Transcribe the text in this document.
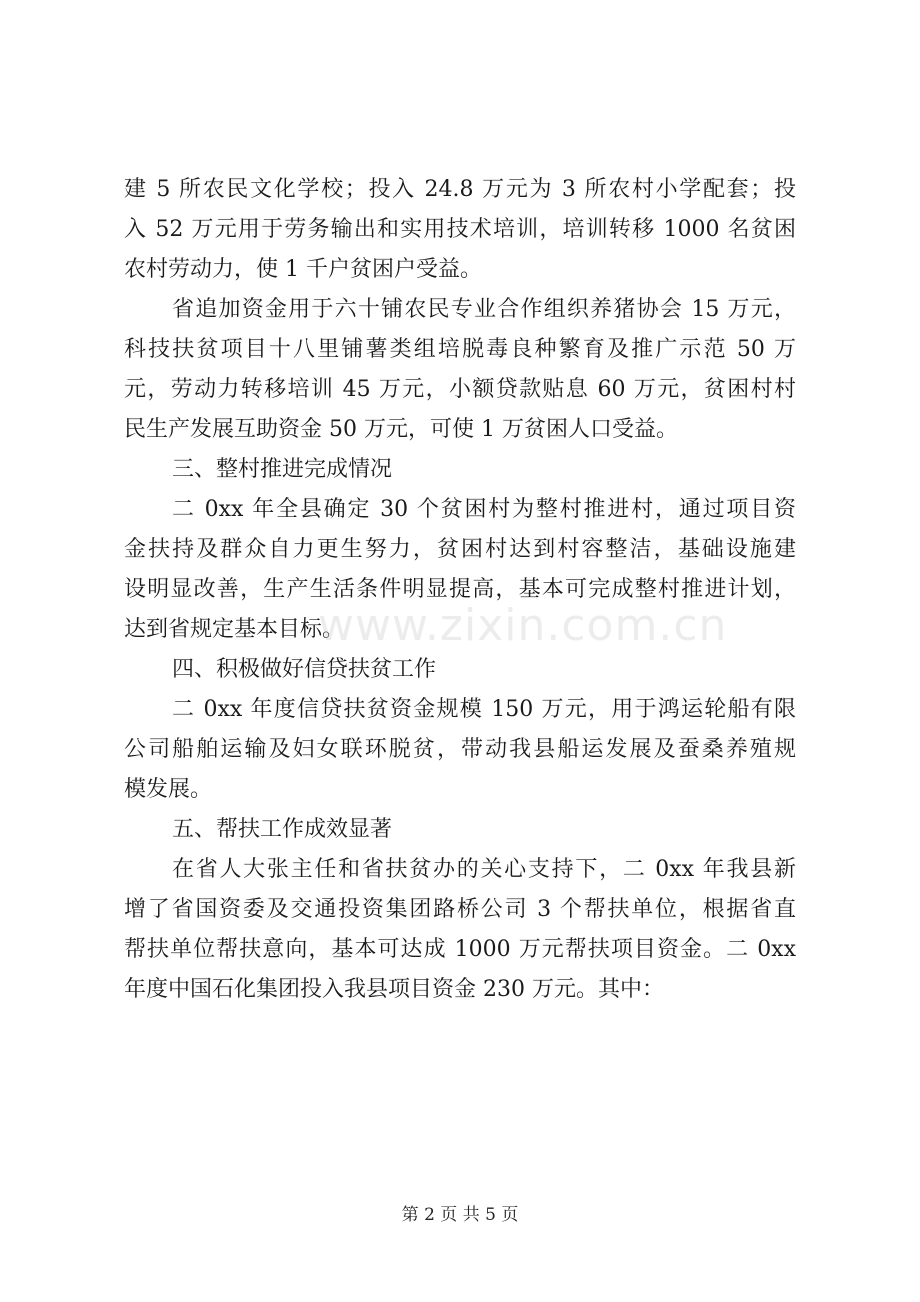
建 5 所农民文化学校；投入 24.8 万元为 3 所农村小学配套；投
入 52 万元用于劳务输出和实用技术培训，培训转移 1000 名贫困
农村劳动力，使 1 千户贫困户受益。
省追加资金用于六十铺农民专业合作组织养猪协会 15 万元，
科技扶贫项目十八里铺薯类组培脱毒良种繁育及推广示范 50 万
元，劳动力转移培训 45 万元，小额贷款贴息 60 万元，贫困村村
民生产发展互助资金 50 万元，可使 1 万贫困人口受益。
三、整村推进完成情况
二 0xx 年全县确定 30 个贫困村为整村推进村，通过项目资
金扶持及群众自力更生努力，贫困村达到村容整洁，基础设施建
设明显改善，生产生活条件明显提高，基本可完成整村推进计划，
达到省规定基本目标。
四、积极做好信贷扶贫工作
二 0xx 年度信贷扶贫资金规模 150 万元，用于鸿运轮船有限
公司船舶运输及妇女联环脱贫，带动我县船运发展及蚕桑养殖规
模发展。
五、帮扶工作成效显著
在省人大张主任和省扶贫办的关心支持下，二 0xx 年我县新
增了省国资委及交通投资集团路桥公司 3 个帮扶单位，根据省直
帮扶单位帮扶意向，基本可达成 1000 万元帮扶项目资金。二 0xx
年度中国石化集团投入我县项目资金 230 万元。其中：
www.zixin.com.cn
第 2 页 共 5 页
